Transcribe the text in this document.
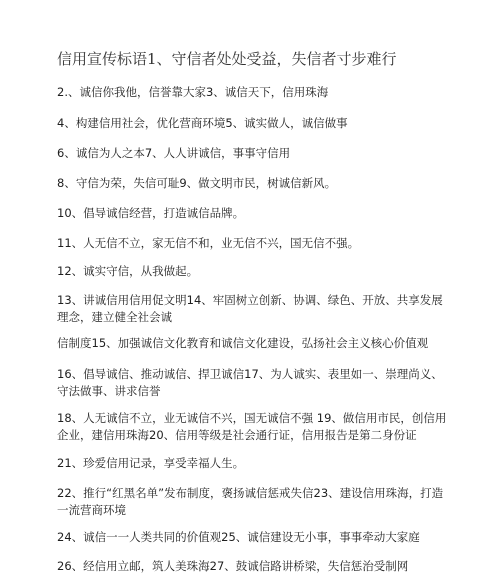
信用宣传标语1、守信者处处受益，失信者寸步难行
2.、诚信你我他，信誉靠大家3、诚信天下，信用珠海
4、构建信用社会，优化营商环境5、诚实做人，诚信做事
6、诚信为人之本7、人人讲诚信，事事守信用
8、守信为荣，失信可耻9、做文明市民，树诚信新风。
10、倡导诚信经营，打造诚信品牌。
11、人无信不立，家无信不和，业无信不兴，国无信不强。
12、诚实守信，从我做起。
13、讲诚信用信用促文明14、牢固树立创新、协调、绿色、开放、共享发展理念，建立健全社会诚
信制度15、加强诚信文化教育和诚信文化建设，弘扬社会主义核心价值观
16、倡导诚信、推动诚信、捍卫诚信17、为人诚实、表里如一、崇理尚义、守法做事、讲求信誉
18、人无诚信不立，业无诚信不兴，国无诚信不强 19、做信用市民，创信用企业，建信用珠海20、信用等级是社会通行证，信用报告是第二身份证
21、珍爱信用记录，享受幸福人生。
22、推行“红黑名单”发布制度，褒扬诚信惩戒失信23、建设信用珠海，打造一流营商环境
24、诚信一一人类共同的价值观25、诚信建设无小事，事事牵动大家庭
26、经信用立邮，筑人美珠海27、鼓诚信路讲桥梁，失信惩治受制网
